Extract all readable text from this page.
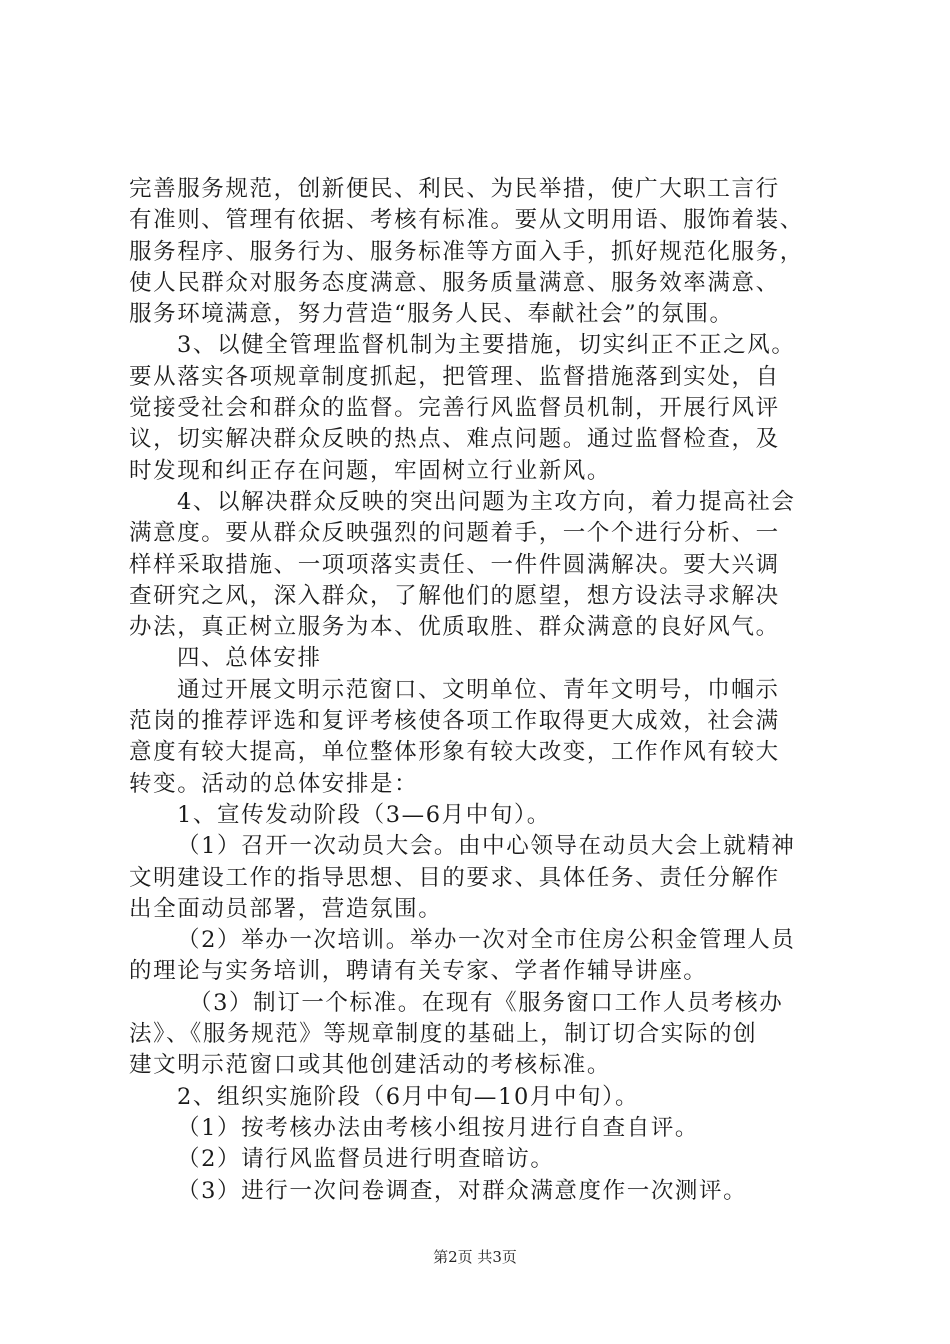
完善服务规范，创新便民、利民、为民举措，使广大职工言行
有准则、管理有依据、考核有标准。要从文明用语、服饰着装、
服务程序、服务行为、服务标准等方面入手，抓好规范化服务，
使人民群众对服务态度满意、服务质量满意、服务效率满意、
服务环境满意，努力营造“服务人民、奉献社会”的氛围。
3、以健全管理监督机制为主要措施，切实纠正不正之风。
要从落实各项规章制度抓起，把管理、监督措施落到实处，自
觉接受社会和群众的监督。完善行风监督员机制，开展行风评
议，切实解决群众反映的热点、难点问题。通过监督检查，及
时发现和纠正存在问题，牢固树立行业新风。
4、以解决群众反映的突出问题为主攻方向，着力提高社会
满意度。要从群众反映强烈的问题着手，一个个进行分析、一
样样采取措施、一项项落实责任、一件件圆满解决。要大兴调
查研究之风，深入群众，了解他们的愿望，想方设法寻求解决
办法，真正树立服务为本、优质取胜、群众满意的良好风气。
四、总体安排
通过开展文明示范窗口、文明单位、青年文明号，巾帼示
范岗的推荐评选和复评考核使各项工作取得更大成效，社会满
意度有较大提高，单位整体形象有较大改变，工作作风有较大
转变。活动的总体安排是：
1、宣传发动阶段（3—6月中旬）。
（1）召开一次动员大会。由中心领导在动员大会上就精神
文明建设工作的指导思想、目的要求、具体任务、责任分解作
出全面动员部署，营造氛围。
（2）举办一次培训。举办一次对全市住房公积金管理人员
的理论与实务培训，聘请有关专家、学者作辅导讲座。
（3）制订一个标准。在现有《服务窗口工作人员考核办
法》、《服务规范》等规章制度的基础上，制订切合实际的创
建文明示范窗口或其他创建活动的考核标准。
2、组织实施阶段（6月中旬—10月中旬）。
（1）按考核办法由考核小组按月进行自查自评。
（2）请行风监督员进行明查暗访。
（3）进行一次问卷调查，对群众满意度作一次测评。
第2页 共3页
